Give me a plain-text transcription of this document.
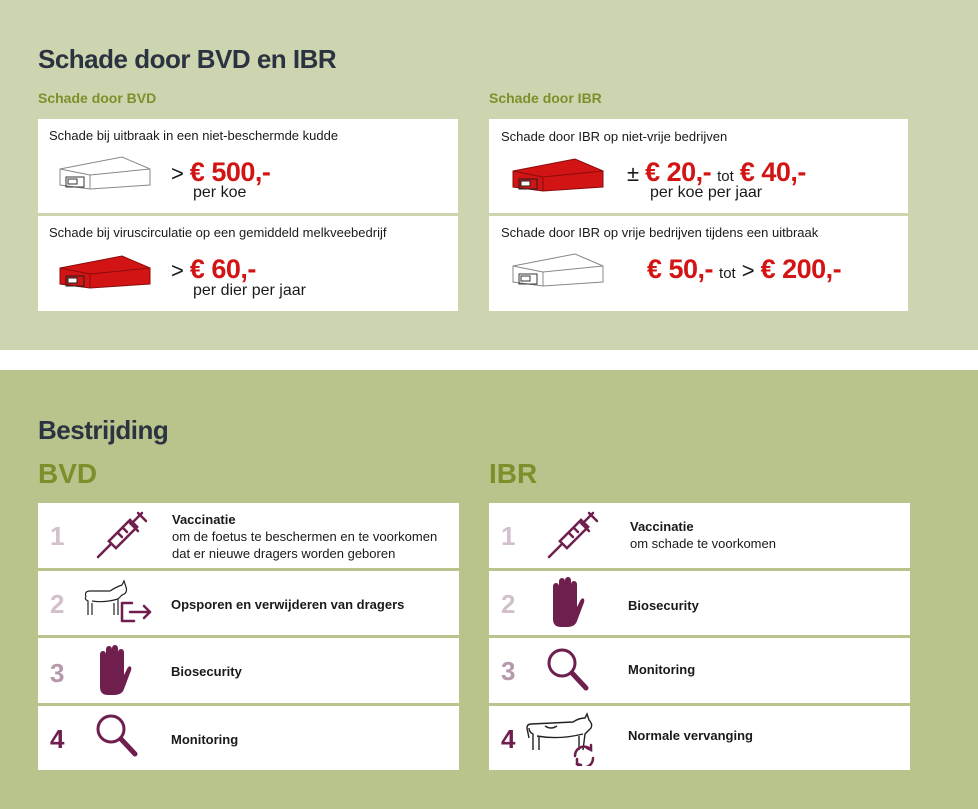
Schade door BVD en IBR
Schade door BVD	Schade door IBR
Schade bij uitbraak in een niet-beschermde kudde
> € 500,-
per koe
Schade bij viruscirculatie op een gemiddeld melkveebedrijf
> € 60,-
per dier per jaar
Schade door IBR op niet-vrije bedrijven
± € 20,- tot € 40,-
per koe per jaar
Schade door IBR op vrije bedrijven tijdens een uitbraak
€ 50,- tot > € 200,-
Bestrijding
BVD	IBR
1
Vaccinatie
om de foetus te beschermen en te voorkomen
dat er nieuwe dragers worden geboren
2	Opsporen en verwijderen van dragers
3	Biosecurity
4	Monitoring
1	Vaccinatie
om schade te voorkomen
2	Biosecurity
3	Monitoring
4	Normale vervanging
